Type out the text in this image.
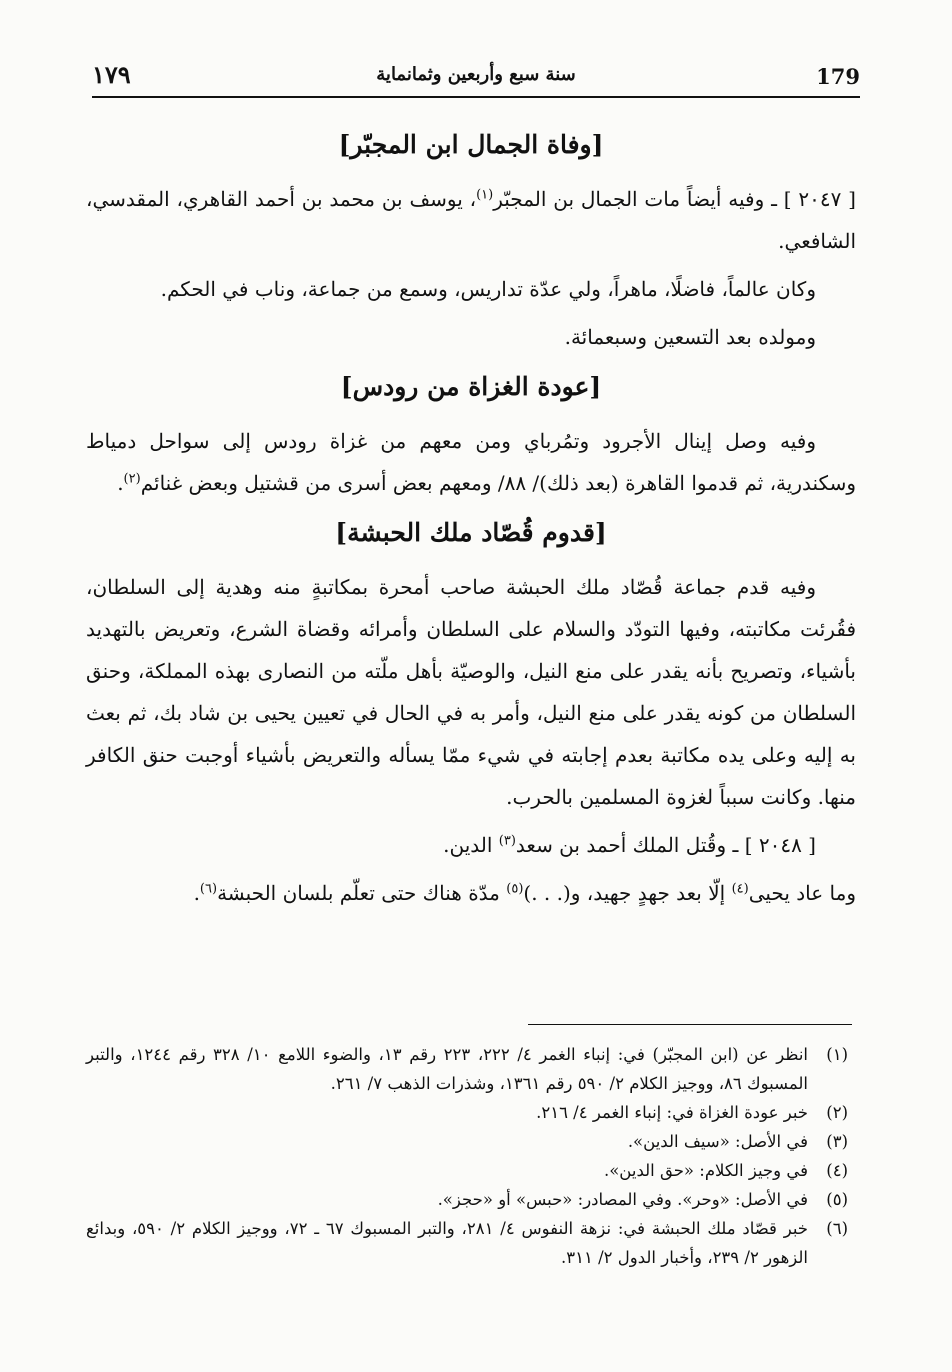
179
سنة سبع وأربعين وثمانماية
١٧٩

[وفاة الجمال ابن المجبّر]

[ ٢٠٤٧ ] ـ وفيه أيضاً مات الجمال بن المجبّر$^{(١)}$، يوسف بن محمد بن أحمد القاهري، المقدسي، الشافعي.

وكان عالماً، فاضلًا، ماهراً، ولي عدّة تداريس، وسمع من جماعة، وناب في الحكم.

ومولده بعد التسعين وسبعمائة.

[عودة الغزاة من رودس]

وفيه وصل إينال الأجرود وتمُرباي ومن معهم من غزاة رودس إلى سواحل دمياط وسكندرية، ثم قدموا القاهرة (بعد ذلك)/ ٨٨/ ومعهم بعض أسرى من قشتيل وبعض غنائم$^{(٢)}$.

[قدوم قُصّاد ملك الحبشة]

وفيه قدم جماعة قُصّاد ملك الحبشة صاحب أمحرة بمكاتبةٍ منه وهدية إلى السلطان، فقُرئت مكاتبته، وفيها التودّد والسلام على السلطان وأمرائه وقضاة الشرع، وتعريض بالتهديد بأشياء، وتصريح بأنه يقدر على منع النيل، والوصيّة بأهل ملّته من النصارى بهذه المملكة، وحنق السلطان من كونه يقدر على منع النيل، وأمر به في الحال في تعيين يحيى بن شاد بك، ثم بعث به إليه وعلى يده مكاتبة بعدم إجابته في شيء ممّا يسأله والتعريض بأشياء أوجبت حنق الكافر منها. وكانت سبباً لغزوة المسلمين بالحرب.

[ ٢٠٤٨ ] ـ وقُتل الملك أحمد بن سعد$^{(٣)}$ الدين.

وما عاد يحيى$^{(٤)}$ إلّا بعد جهدٍ جهيد، و(. . .)$^{(٥)}$ مدّة هناك حتى تعلّم بلسان الحبشة$^{(٦)}$.

(١)
انظر عن (ابن المجبّر) في: إنباء الغمر ٤/ ٢٢٢، ٢٢٣ رقم ١٣، والضوء اللامع ١٠/ ٣٢٨ رقم ١٢٤٤، والتبر المسبوك ٨٦، ووجيز الكلام ٢/ ٥٩٠ رقم ١٣٦١، وشذرات الذهب ٧/ ٢٦١.
(٢)
خبر عودة الغزاة في: إنباء الغمر ٤/ ٢١٦.
(٣)
في الأصل: «سيف الدين».
(٤)
في وجيز الكلام: «حق الدين».
(٥)
في الأصل: «وحر». وفي المصادر: «حبس» أو «حجز».
(٦)
خبر قصّاد ملك الحبشة في: نزهة النفوس ٤/ ٢٨١، والتبر المسبوك ٦٧ ـ ٧٢، ووجيز الكلام ٢/ ٥٩٠، وبدائع الزهور ٢/ ٢٣٩، وأخبار الدول ٢/ ٣١١.
